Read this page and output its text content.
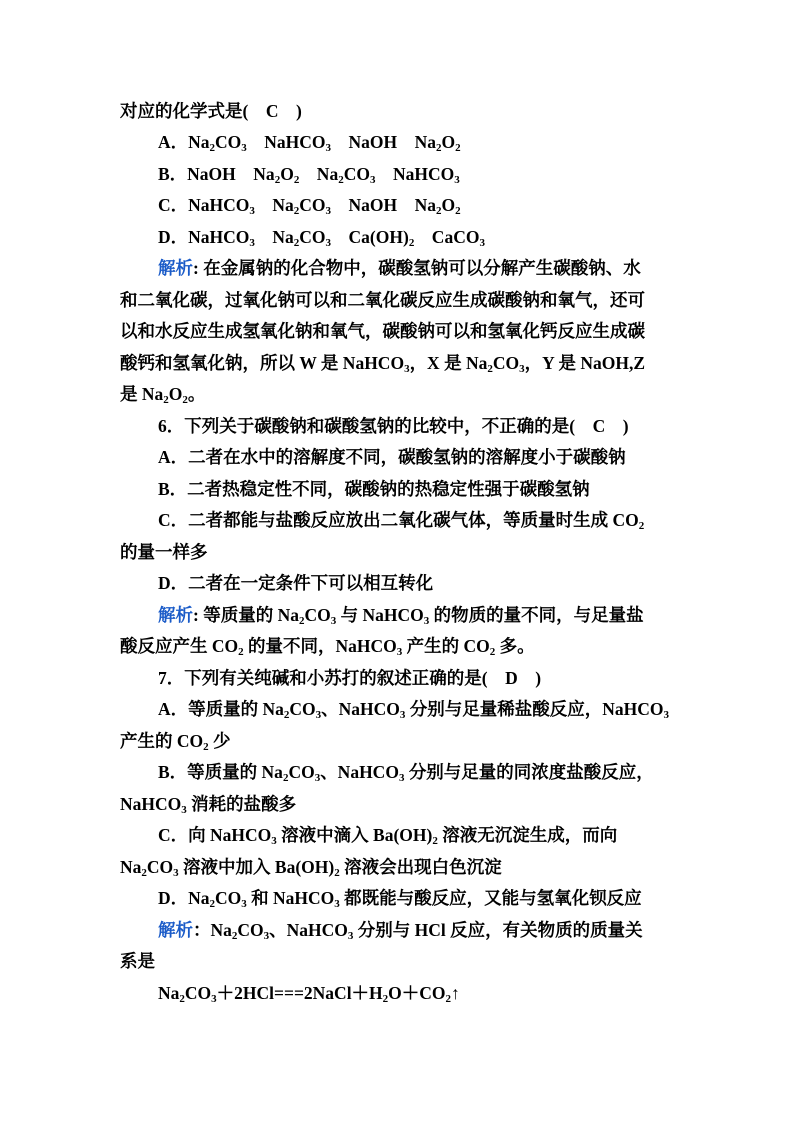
对应的化学式是(　C　)
A．$Na_2CO_3$　NaHCO$_3$　NaOH　$Na_2O_2$
B．NaOH　$Na_2O_2$　$Na_2CO_3$　NaHCO$_3$
C．NaHCO$_3$　$Na_2CO_3$　NaOH　$Na_2O_2$
D．NaHCO$_3$　$Na_2CO_3$　$Ca(OH)_2$　CaCO$_3$
解析: 在金属钠的化合物中，碳酸氢钠可以分解产生碳酸钠、水
和二氧化碳，过氧化钠可以和二氧化碳反应生成碳酸钠和氧气，还可
以和水反应生成氢氧化钠和氧气，碳酸钠可以和氢氧化钙反应生成碳
酸钙和氢氧化钠，所以 W 是 NaHCO$_3$，X 是 $Na_2CO_3$，Y 是 NaOH,Z
是 $Na_2O_2$。
6．下列关于碳酸钠和碳酸氢钠的比较中，不正确的是(　C　)
A．二者在水中的溶解度不同，碳酸氢钠的溶解度小于碳酸钠
B．二者热稳定性不同，碳酸钠的热稳定性强于碳酸氢钠
C．二者都能与盐酸反应放出二氧化碳气体，等质量时生成 $CO_2$
的量一样多
D．二者在一定条件下可以相互转化
解析: 等质量的 $Na_2CO_3$ 与 NaHCO$_3$ 的物质的量不同，与足量盐
酸反应产生 $CO_2$ 的量不同，NaHCO$_3$ 产生的 $CO_2$ 多。
7．下列有关纯碱和小苏打的叙述正确的是(　D　)
A．等质量的 $Na_2CO_3$、NaHCO$_3$ 分别与足量稀盐酸反应，NaHCO$_3$
产生的 $CO_2$ 少
B．等质量的 $Na_2CO_3$、NaHCO$_3$ 分别与足量的同浓度盐酸反应，
NaHCO$_3$ 消耗的盐酸多
C．向 NaHCO$_3$ 溶液中滴入 $Ba(OH)_2$ 溶液无沉淀生成，而向
$Na_2CO_3$ 溶液中加入 $Ba(OH)_2$ 溶液会出现白色沉淀
D．$Na_2CO_3$ 和 NaHCO$_3$ 都既能与酸反应，又能与氢氧化钡反应
解析：$Na_2CO_3$、NaHCO$_3$ 分别与 HCl 反应，有关物质的质量关
系是
$Na_2CO_3+2HCl===2NaCl+H_2O+CO_2↑$
